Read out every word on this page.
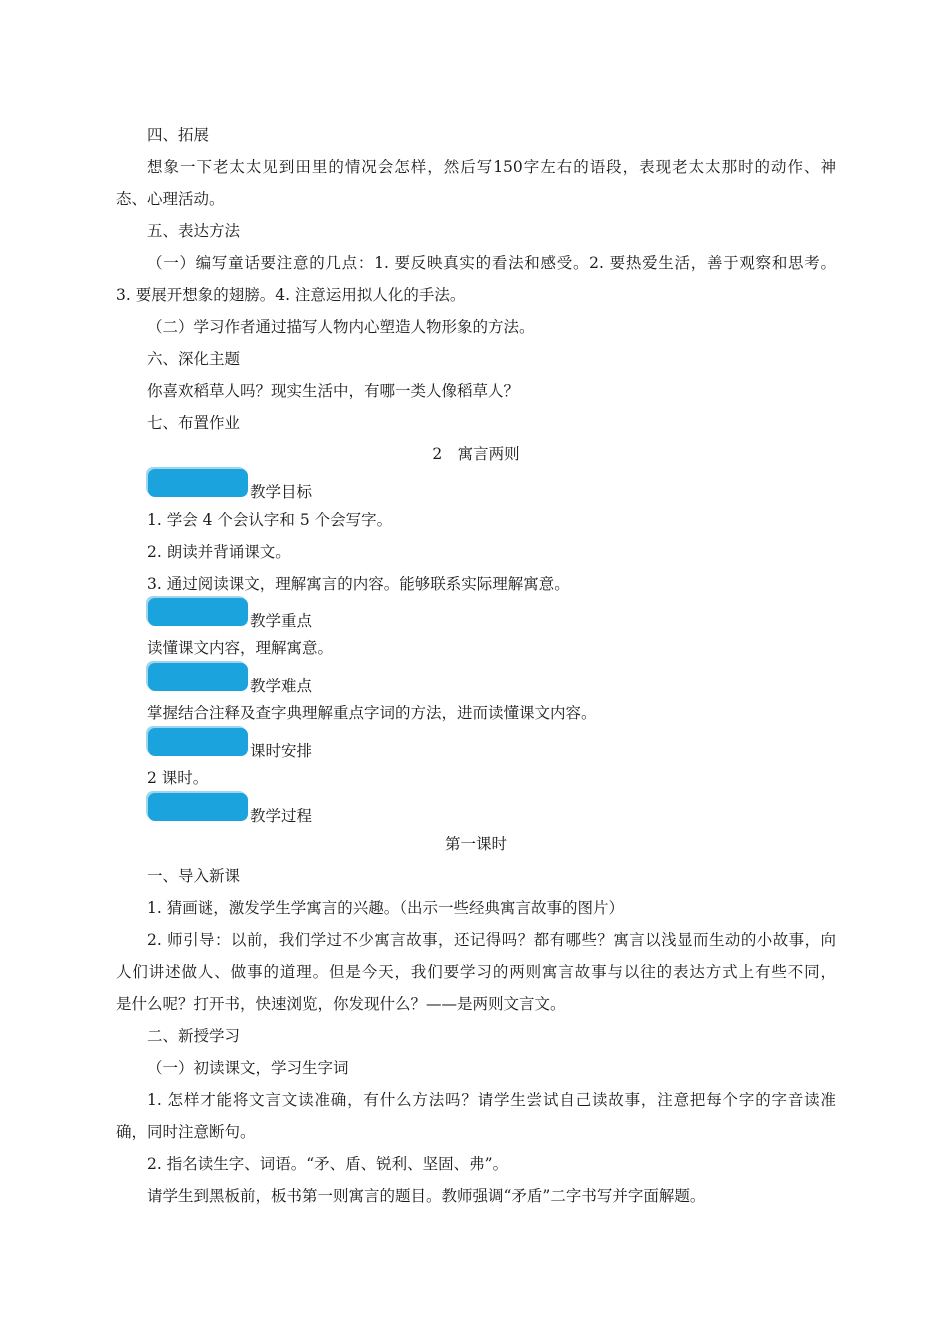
四、拓展
想象一下老太太见到田里的情况会怎样，然后写150字左右的语段，表现老太太那时的动作、神
态、心理活动。
五、表达方法
（一）编写童话要注意的几点：1. 要反映真实的看法和感受。2. 要热爱生活，善于观察和思考。
3. 要展开想象的翅膀。4. 注意运用拟人化的手法。
（二）学习作者通过描写人物内心塑造人物形象的方法。
六、深化主题
你喜欢稻草人吗？现实生活中，有哪一类人像稻草人？
七、布置作业
2　寓言两则
教学目标
1. 学会 4 个会认字和 5 个会写字。
2. 朗读并背诵课文。
3. 通过阅读课文，理解寓言的内容。能够联系实际理解寓意。
教学重点
读懂课文内容，理解寓意。
教学难点
掌握结合注释及查字典理解重点字词的方法，进而读懂课文内容。
课时安排
2 课时。
教学过程
第一课时
一、导入新课
1. 猜画谜，激发学生学寓言的兴趣。（出示一些经典寓言故事的图片）
2. 师引导：以前，我们学过不少寓言故事，还记得吗？都有哪些？寓言以浅显而生动的小故事，向
人们讲述做人、做事的道理。但是今天，我们要学习的两则寓言故事与以往的表达方式上有些不同，
是什么呢？打开书，快速浏览，你发现什么？——是两则文言文。
二、新授学习
（一）初读课文，学习生字词
1. 怎样才能将文言文读准确，有什么方法吗？请学生尝试自己读故事，注意把每个字的字音读准
确，同时注意断句。
2. 指名读生字、词语。“矛、盾、锐利、坚固、弗”。
请学生到黑板前，板书第一则寓言的题目。教师强调“矛盾”二字书写并字面解题。
